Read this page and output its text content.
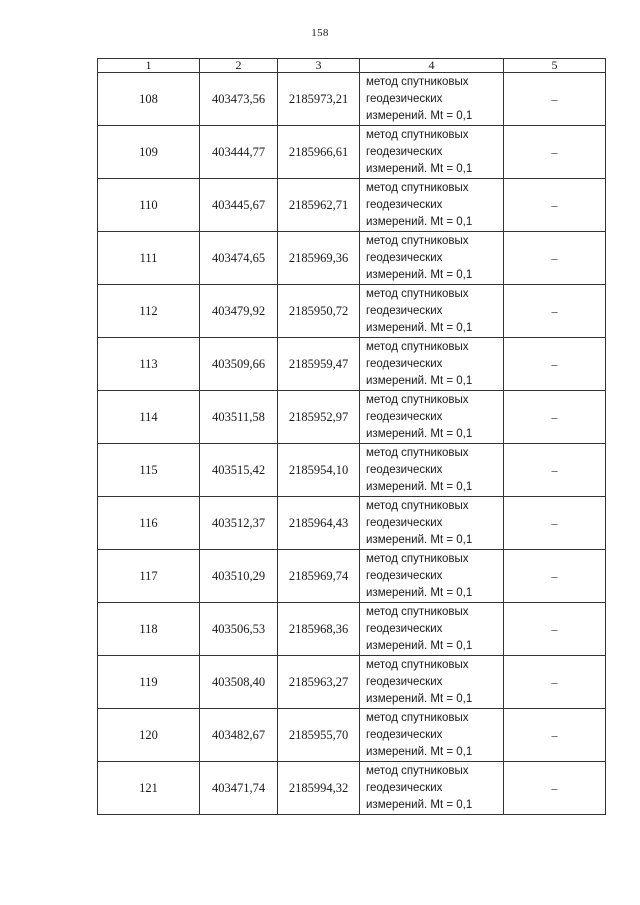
158
1	2	3	4	5
108	403473,56	2185973,21	метод спутниковых
геодезических
измерений. Mt = 0,1	–
109	403444,77	2185966,61	метод спутниковых
геодезических
измерений. Mt = 0,1	–
110	403445,67	2185962,71	метод спутниковых
геодезических
измерений. Mt = 0,1	–
111	403474,65	2185969,36	метод спутниковых
геодезических
измерений. Mt = 0,1	–
112	403479,92	2185950,72	метод спутниковых
геодезических
измерений. Mt = 0,1	–
113	403509,66	2185959,47	метод спутниковых
геодезических
измерений. Mt = 0,1	–
114	403511,58	2185952,97	метод спутниковых
геодезических
измерений. Mt = 0,1	–
115	403515,42	2185954,10	метод спутниковых
геодезических
измерений. Mt = 0,1	–
116	403512,37	2185964,43	метод спутниковых
геодезических
измерений. Mt = 0,1	–
117	403510,29	2185969,74	метод спутниковых
геодезических
измерений. Mt = 0,1	–
118	403506,53	2185968,36	метод спутниковых
геодезических
измерений. Mt = 0,1	–
119	403508,40	2185963,27	метод спутниковых
геодезических
измерений. Mt = 0,1	–
120	403482,67	2185955,70	метод спутниковых
геодезических
измерений. Mt = 0,1	–
121	403471,74	2185994,32	метод спутниковых
геодезических
измерений. Mt = 0,1	–
